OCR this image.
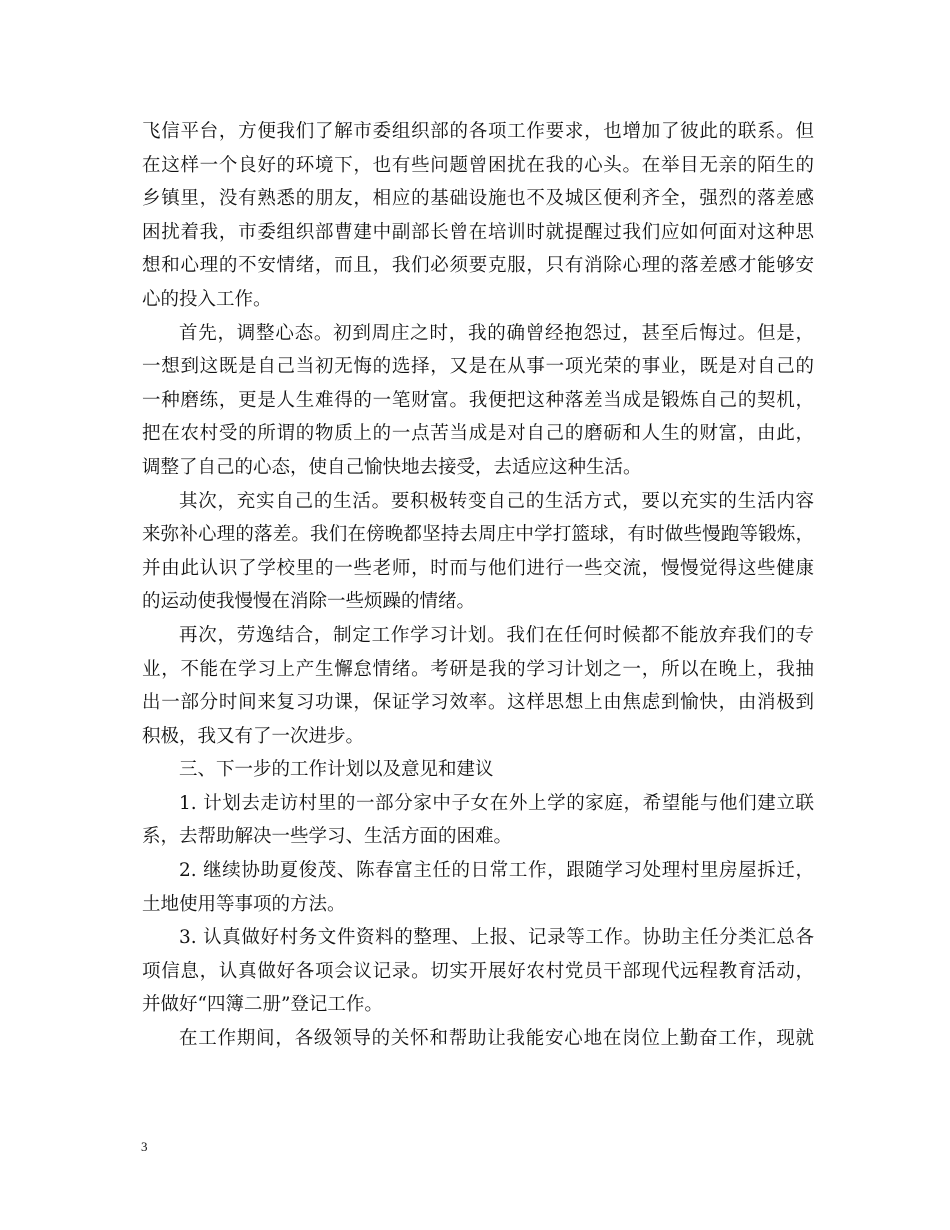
飞信平台，方便我们了解市委组织部的各项工作要求，也增加了彼此的联系。但
在这样一个良好的环境下，也有些问题曾困扰在我的心头。在举目无亲的陌生的
乡镇里，没有熟悉的朋友，相应的基础设施也不及城区便利齐全，强烈的落差感
困扰着我，市委组织部曹建中副部长曾在培训时就提醒过我们应如何面对这种思
想和心理的不安情绪，而且，我们必须要克服，只有消除心理的落差感才能够安
心的投入工作。
首先，调整心态。初到周庄之时，我的确曾经抱怨过，甚至后悔过。但是，
一想到这既是自己当初无悔的选择，又是在从事一项光荣的事业，既是对自己的
一种磨练，更是人生难得的一笔财富。我便把这种落差当成是锻炼自己的契机，
把在农村受的所谓的物质上的一点苦当成是对自己的磨砺和人生的财富，由此，
调整了自己的心态，使自己愉快地去接受，去适应这种生活。
其次，充实自己的生活。要积极转变自己的生活方式，要以充实的生活内容
来弥补心理的落差。我们在傍晚都坚持去周庄中学打篮球，有时做些慢跑等锻炼，
并由此认识了学校里的一些老师，时而与他们进行一些交流，慢慢觉得这些健康
的运动使我慢慢在消除一些烦躁的情绪。
再次，劳逸结合，制定工作学习计划。我们在任何时候都不能放弃我们的专
业，不能在学习上产生懈怠情绪。考研是我的学习计划之一，所以在晚上，我抽
出一部分时间来复习功课，保证学习效率。这样思想上由焦虑到愉快，由消极到
积极，我又有了一次进步。
三、下一步的工作计划以及意见和建议
1. 计划去走访村里的一部分家中子女在外上学的家庭，希望能与他们建立联
系，去帮助解决一些学习、生活方面的困难。
2. 继续协助夏俊茂、陈春富主任的日常工作，跟随学习处理村里房屋拆迁，
土地使用等事项的方法。
3. 认真做好村务文件资料的整理、上报、记录等工作。协助主任分类汇总各
项信息，认真做好各项会议记录。切实开展好农村党员干部现代远程教育活动，
并做好“四簿二册”登记工作。
在工作期间，各级领导的关怀和帮助让我能安心地在岗位上勤奋工作，现就
3
